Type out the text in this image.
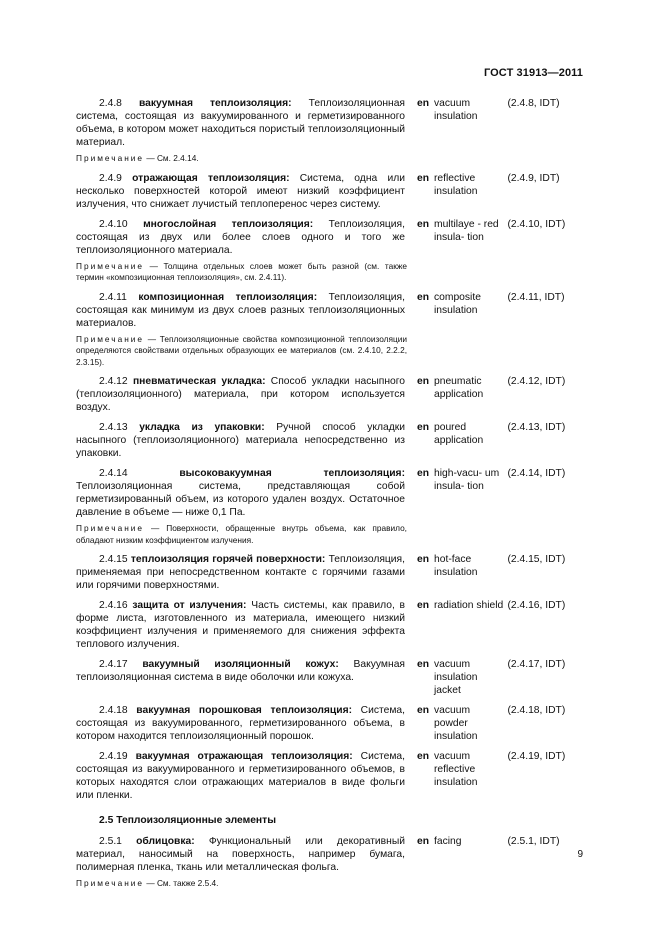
ГОСТ 31913—2011
2.4.8 вакуумная теплоизоляция: Теплоизоляционная система, состоящая из вакуумированного и герметизированного объема, в котором может находиться пористый теплоизоляционный материал.
en vacuum insulation
(2.4.8, IDT)
Примечание — См. 2.4.14.
2.4.9 отражающая теплоизоляция: Система, одна или несколько поверхностей которой имеют низкий коэффициент излучения, что снижает лучистый теплоперенос через систему.
en reflective insulation
(2.4.9, IDT)
2.4.10 многослойная теплоизоляция: Теплоизоляция, состоящая из двух или более слоев одного и того же теплоизоляционного материала.
en multilaye - red insula- tion
(2.4.10, IDT)
Примечание — Толщина отдельных слоев может быть разной (см. также термин «композиционная теплоизоляция», см. 2.4.11).
2.4.11 композиционная теплоизоляция: Теплоизоляция, состоящая как минимум из двух слоев разных теплоизоляционных материалов.
en composite insulation
(2.4.11, IDT)
Примечание — Теплоизоляционные свойства композиционной теплоизоляции определяются свойствами отдельных образующих ее материалов (см. 2.4.10, 2.2.2, 2.3.15).
2.4.12 пневматическая укладка: Способ укладки насыпного (теплоизоляционного) материала, при котором используется воздух.
en pneumatic application
(2.4.12, IDT)
2.4.13 укладка из упаковки: Ручной способ укладки насыпного (теплоизоляционного) материала непосредственно из упаковки.
en poured application
(2.4.13, IDT)
2.4.14	высоковакуумная теплоизоляция: Теплоизоляционная система, представляющая собой герметизированный объем, из которого удален воздух. Остаточное давление в объеме — ниже 0,1 Па.
en high-vacu- um insula- tion
(2.4.14, IDT)
Примечание — Поверхности, обращенные внутрь объема, как правило, обладают низким коэффициентом излучения.
2.4.15 теплоизоляция горячей поверхности: Теплоизоляция, применяемая при непосредственном контакте с горячими газами или горячими поверхностями.
en hot-face insulation
(2.4.15, IDT)
2.4.16 защита от излучения: Часть системы, как правило, в форме листа, изготовленного из материала, имеющего низкий коэффициент излучения и применяемого для снижения эффекта теплового излучения.
en radiation shield (2.4.16, IDT)
2.4.17 вакуумный изоляционный кожух: Вакуумная теплоизоляционная система в виде оболочки или кожуха.
en vacuum insulation jacket
(2.4.17, IDT)
2.4.18 вакуумная порошковая теплоизоляция: Система, состоящая из вакуумированного, герметизированного объема, в котором находится теплоизоляционный порошок.
en vacuum powder insulation
(2.4.18, IDT)
2.4.19 вакуумная отражающая теплоизоляция: Система, состоящая из вакуумированного и герметизированного объемов, в которых находятся слои отражающих материалов в виде фольги или пленки.
en vacuum reflective insulation
(2.4.19, IDT)
2.5 Теплоизоляционные элементы
2.5.1 облицовка: Функциональный или декоративный материал, наносимый на поверхность, например бумага, полимерная пленка, ткань или металлическая фольга.
en facing	(2.5.1, IDT)
Примечание — См. также 2.5.4.
9
